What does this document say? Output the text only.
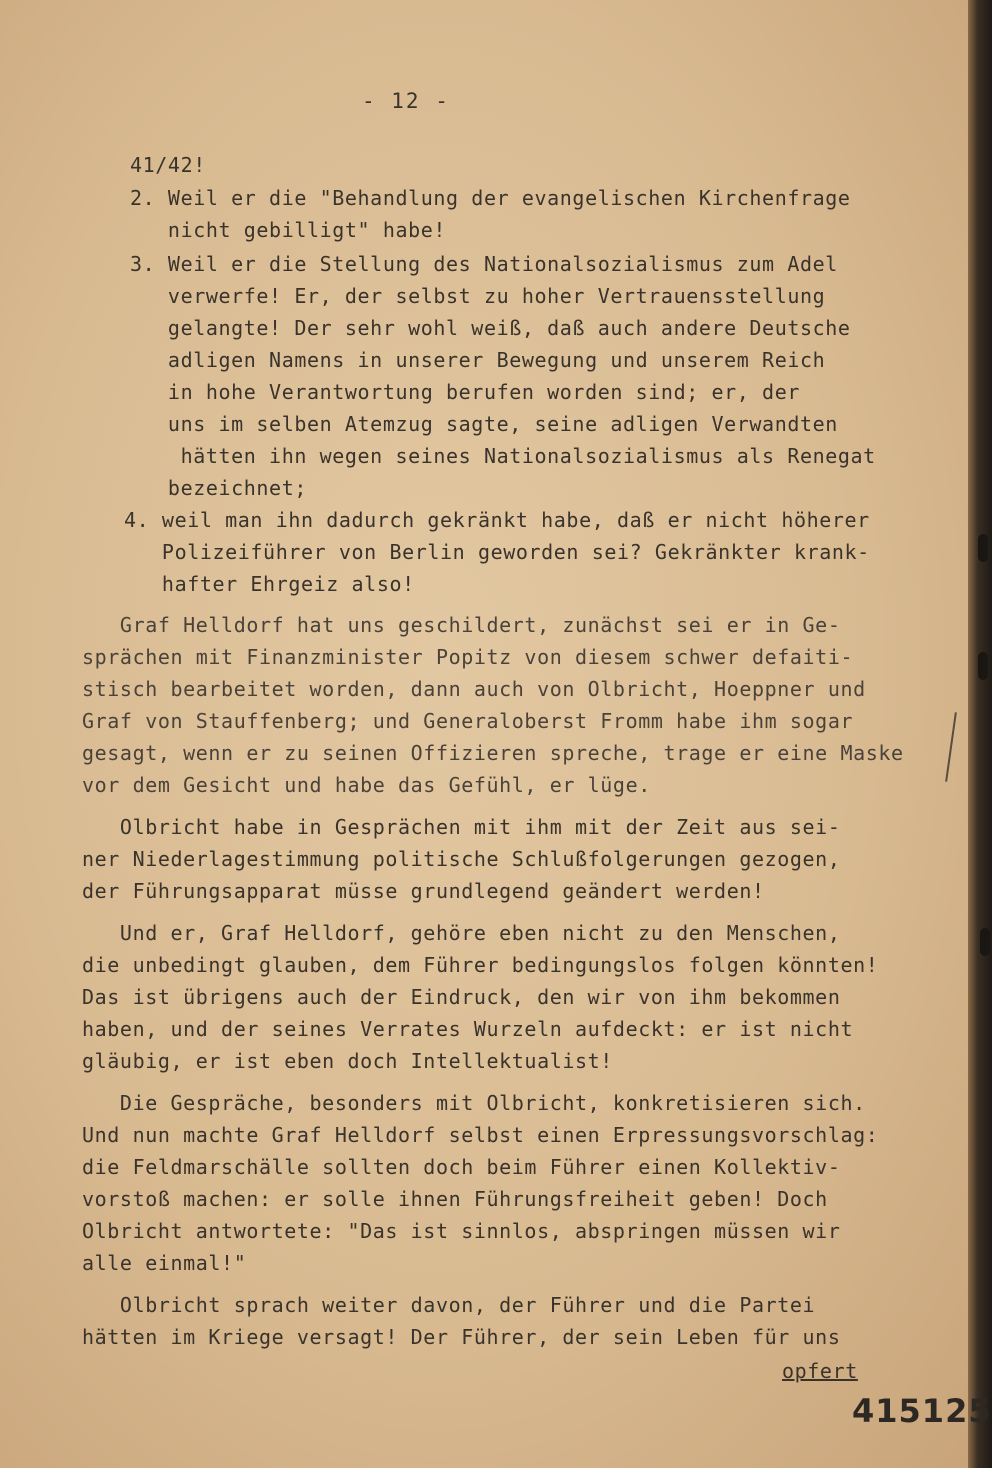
- 12 -

41/42!
2. Weil er die "Behandlung der evangelischen Kirchenfrage
nicht gebilligt" habe!
3. Weil er die Stellung des Nationalsozialismus zum Adel
verwerfe! Er, der selbst zu hoher Vertrauensstellung
gelangte! Der sehr wohl weiß, daß auch andere Deutsche
adligen Namens in unserer Bewegung und unserem Reich
in hohe Verantwortung berufen worden sind; er, der
uns im selben Atemzug sagte, seine adligen Verwandten
hätten ihn wegen seines Nationalsozialismus als Renegat
bezeichnet;
4. weil man ihn dadurch gekränkt habe, daß er nicht höherer
Polizeiführer von Berlin geworden sei? Gekränkter krank-
hafter Ehrgeiz also!
Graf Helldorf hat uns geschildert, zunächst sei er in Ge-
sprächen mit Finanzminister Popitz von diesem schwer defaiti-
stisch bearbeitet worden, dann auch von Olbricht, Hoeppner und
Graf von Stauffenberg; und Generaloberst Fromm habe ihm sogar
gesagt, wenn er zu seinen Offizieren spreche, trage er eine Maske
vor dem Gesicht und habe das Gefühl, er lüge.
Olbricht habe in Gesprächen mit ihm mit der Zeit aus sei-
ner Niederlagestimmung politische Schlußfolgerungen gezogen,
der Führungsapparat müsse grundlegend geändert werden!
Und er, Graf Helldorf, gehöre eben nicht zu den Menschen,
die unbedingt glauben, dem Führer bedingungslos folgen könnten!
Das ist übrigens auch der Eindruck, den wir von ihm bekommen
haben, und der seines Verrates Wurzeln aufdeckt: er ist nicht
gläubig, er ist eben doch Intellektualist!
Die Gespräche, besonders mit Olbricht, konkretisieren sich.
Und nun machte Graf Helldorf selbst einen Erpressungsvorschlag:
die Feldmarschälle sollten doch beim Führer einen Kollektiv-
vorstoß machen: er solle ihnen Führungsfreiheit geben! Doch
Olbricht antwortete: "Das ist sinnlos, abspringen müssen wir
alle einmal!"
Olbricht sprach weiter davon, der Führer und die Partei
hätten im Kriege versagt! Der Führer, der sein Leben für uns

opfert

415125
